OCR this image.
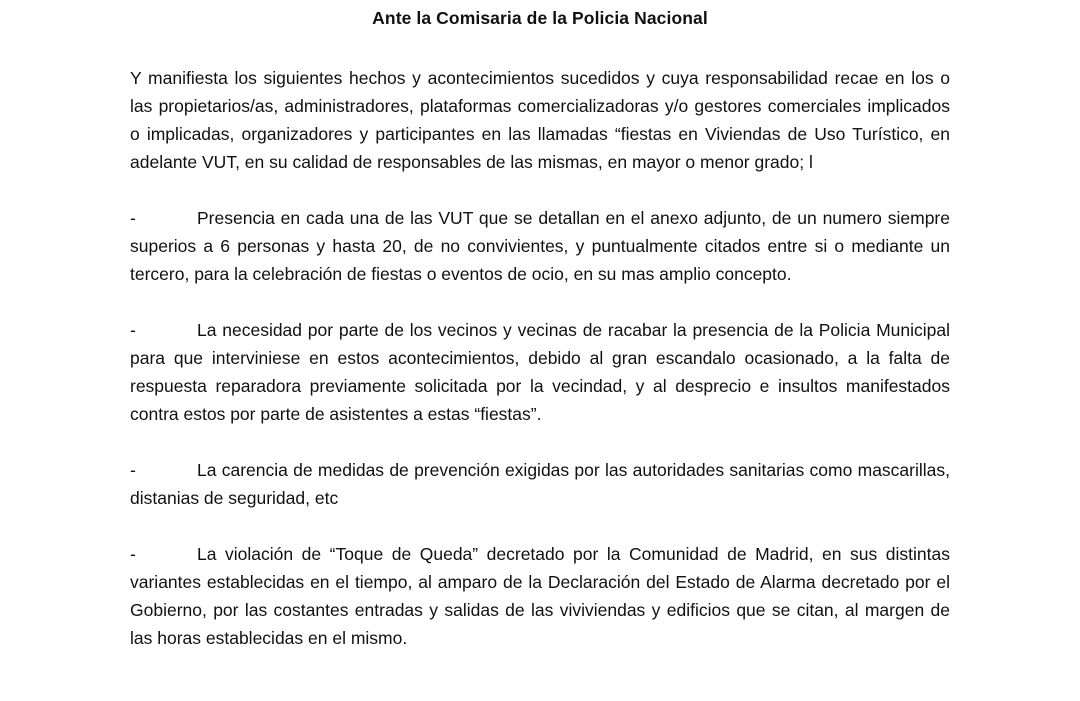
Ante la Comisaria de la Policia Nacional

Y manifiesta los siguientes hechos y acontecimientos sucedidos y cuya responsabilidad recae en los o las propietarios/as, administradores, plataformas comercializadoras y/o gestores comerciales implicados o implicadas, organizadores y participantes en las llamadas “fiestas en Viviendas de Uso Turístico, en adelante VUT, en su calidad de responsables de las mismas, en mayor o menor grado; l

-	Presencia en cada una de las VUT que se detallan en el anexo adjunto, de un numero siempre superios a 6 personas y hasta 20, de no convivientes, y puntualmente citados entre si o mediante un tercero, para la celebración de fiestas o eventos de ocio, en su mas amplio concepto.

-	La necesidad por parte de los vecinos y vecinas de racabar la presencia de la Policia Municipal para que interviniese en estos acontecimientos, debido al gran escandalo ocasionado, a la falta de respuesta reparadora previamente solicitada por la vecindad, y al desprecio e insultos manifestados contra estos por parte de asistentes a estas “fiestas”.

-	La carencia de medidas de prevención exigidas por las autoridades sanitarias como mascarillas, distanias de seguridad, etc

-	La violación de “Toque de Queda” decretado por la Comunidad de Madrid, en sus distintas variantes establecidas en el tiempo, al amparo de la Declaración del Estado de Alarma decretado por el Gobierno, por las costantes entradas y salidas de las viviviendas y edificios que se citan, al margen de las horas establecidas en el mismo.
